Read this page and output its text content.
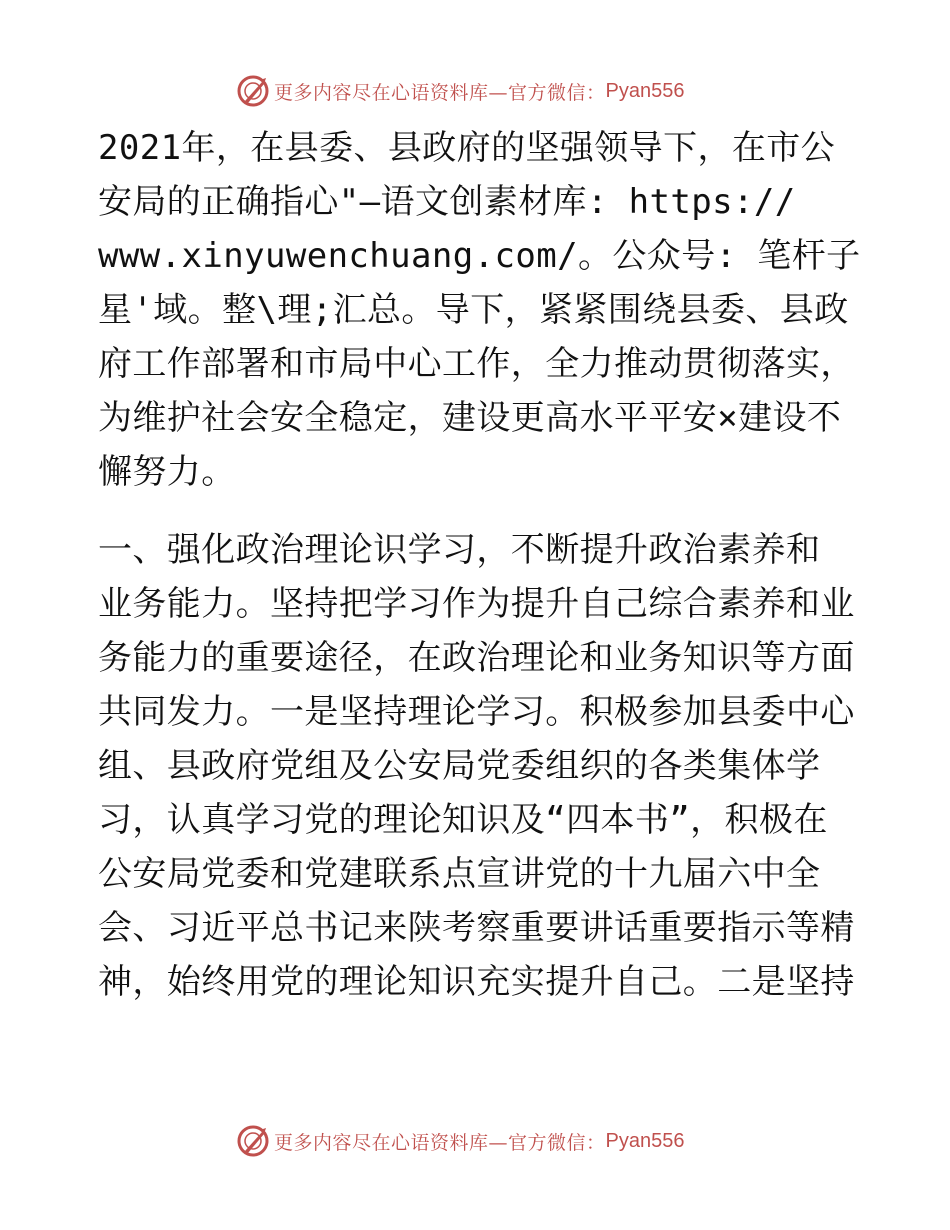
更多内容尽在心语资料库 —官方微信： Pyan556
2021年，在县委、县政府的坚强领导下，在市公
安局的正确指心"—语文创素材库: https://
www.xinyuwenchuang.com/。公众号: 笔杆子
星'域。整\理;汇总。导下，紧紧围绕县委、县政
府工作部署和市局中心工作，全力推动贯彻落实，
为维护社会安全稳定，建设更高水平平安×建设不
懈努力。
一、强化政治理论识学习，不断提升政治素养和
业务能力。坚持把学习作为提升自己综合素养和业
务能力的重要途径，在政治理论和业务知识等方面
共同发力。一是坚持理论学习。积极参加县委中心
组、县政府党组及公安局党委组织的各类集体学
习，认真学习党的理论知识及“四本书”，积极在
公安局党委和党建联系点宣讲党的十九届六中全
会、习近平总书记来陕考察重要讲话重要指示等精
神，始终用党的理论知识充实提升自己。二是坚持
更多内容尽在心语资料库 —官方微信： Pyan556
